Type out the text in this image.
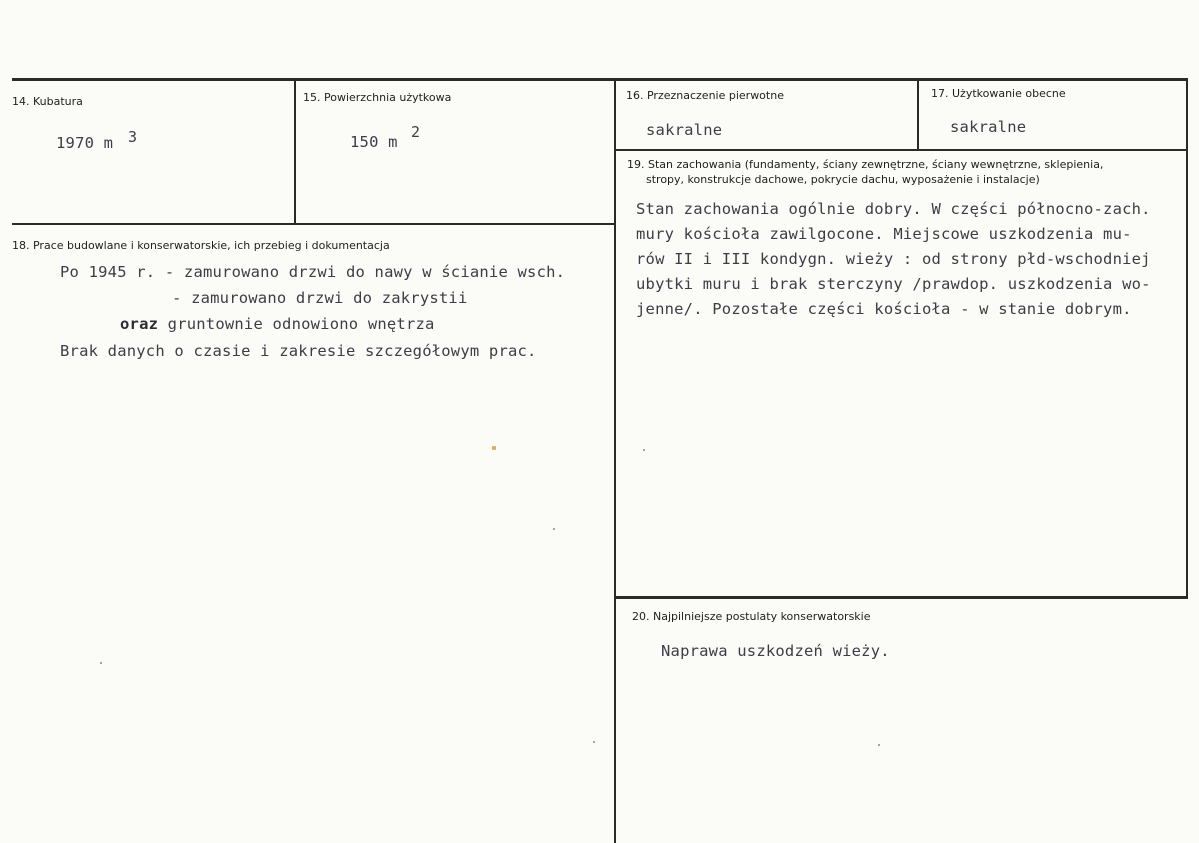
14. Kubatura
1970 m 3
15. Powierzchnia użytkowa
150 m
2
16. Przeznaczenie pierwotne
sakralne
17. Użytkowanie obecne
sakralne
18. Prace budowlane i konserwatorskie, ich przebieg i dokumentacja
Po 1945 r. - zamurowano drzwi do nawy w ścianie wsch.
- zamurowano drzwi do zakrystii
oraz gruntownie odnowiono wnętrza
Brak danych o czasie i zakresie szczegółowym prac.
19. Stan zachowania (fundamenty, ściany zewnętrzne, ściany wewnętrzne, sklepienia,
stropy, konstrukcje dachowe, pokrycie dachu, wyposażenie i instalacje)
Stan zachowania ogólnie dobry. W części północno-zach.
mury kościoła zawilgocone. Miejscowe uszkodzenia mu-
rów II i III kondygn. wieży : od strony płd-wschodniej
ubytki muru i brak sterczyny /prawdop. uszkodzenia wo-
jenne/. Pozostałe części kościoła - w stanie dobrym.
20. Najpilniejsze postulaty konserwatorskie
Naprawa uszkodzeń wieży.
